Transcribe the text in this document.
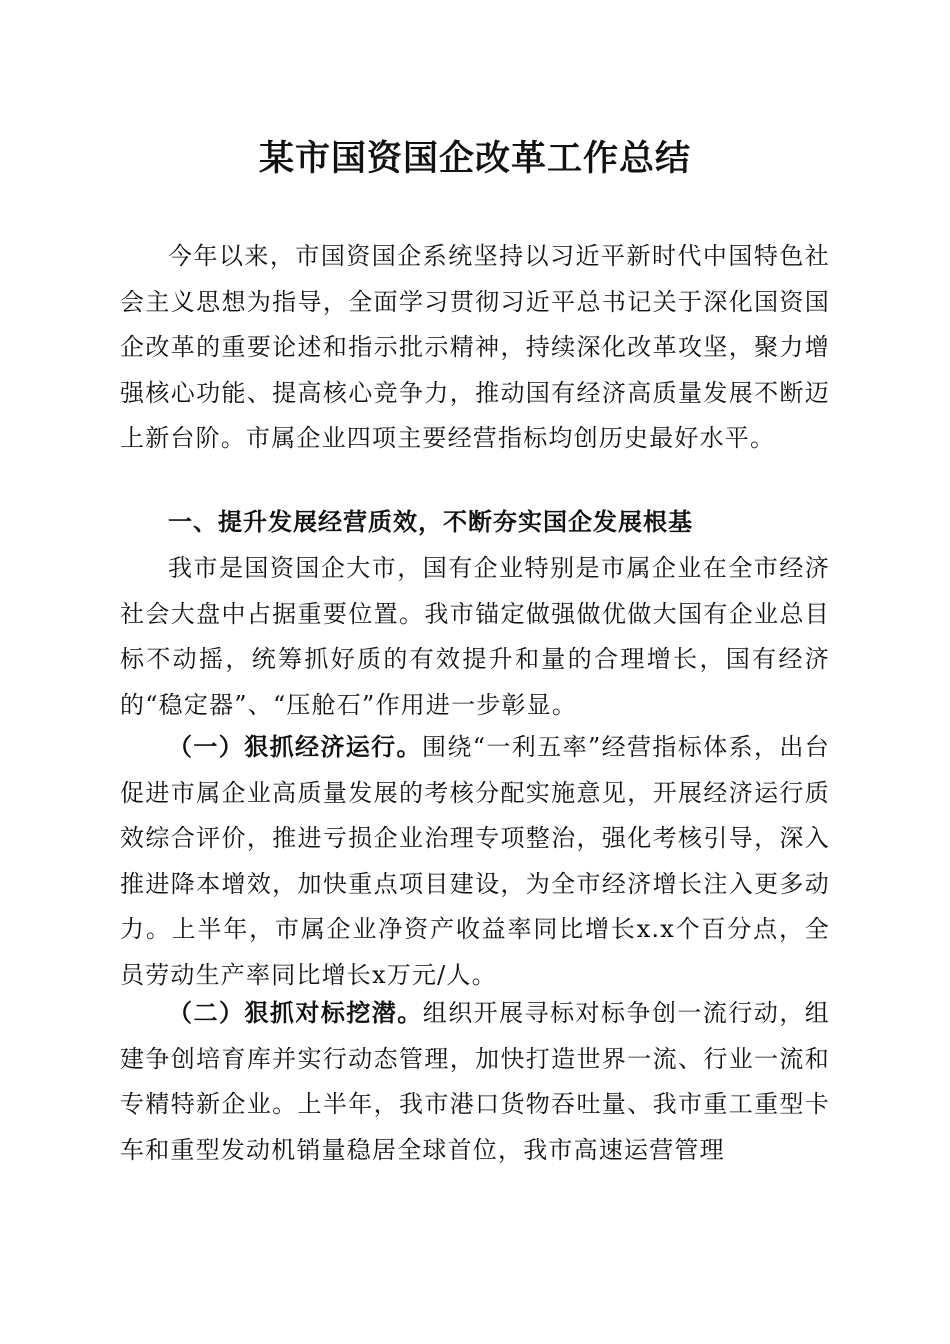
某市国资国企改革工作总结

今年以来，市国资国企系统坚持以习近平新时代中国特色社会主义思想为指导，全面学习贯彻习近平总书记关于深化国资国企改革的重要论述和指示批示精神，持续深化改革攻坚，聚力增强核心功能、提高核心竞争力，推动国有经济高质量发展不断迈上新台阶。市属企业四项主要经营指标均创历史最好水平。

一、提升发展经营质效，不断夯实国企发展根基

我市是国资国企大市，国有企业特别是市属企业在全市经济社会大盘中占据重要位置。我市锚定做强做优做大国有企业总目标不动摇，统筹抓好质的有效提升和量的合理增长，国有经济的“稳定器”、“压舱石”作用进一步彰显。

（一）狠抓经济运行。围绕“一利五率”经营指标体系，出台促进市属企业高质量发展的考核分配实施意见，开展经济运行质效综合评价，推进亏损企业治理专项整治，强化考核引导，深入推进降本增效，加快重点项目建设，为全市经济增长注入更多动力。上半年，市属企业净资产收益率同比增长x.x个百分点，全员劳动生产率同比增长x万元/人。

（二）狠抓对标挖潜。组织开展寻标对标争创一流行动，组建争创培育库并实行动态管理，加快打造世界一流、行业一流和专精特新企业。上半年，我市港口货物吞吐量、我市重工重型卡车和重型发动机销量稳居全球首位，我市高速运营管理
